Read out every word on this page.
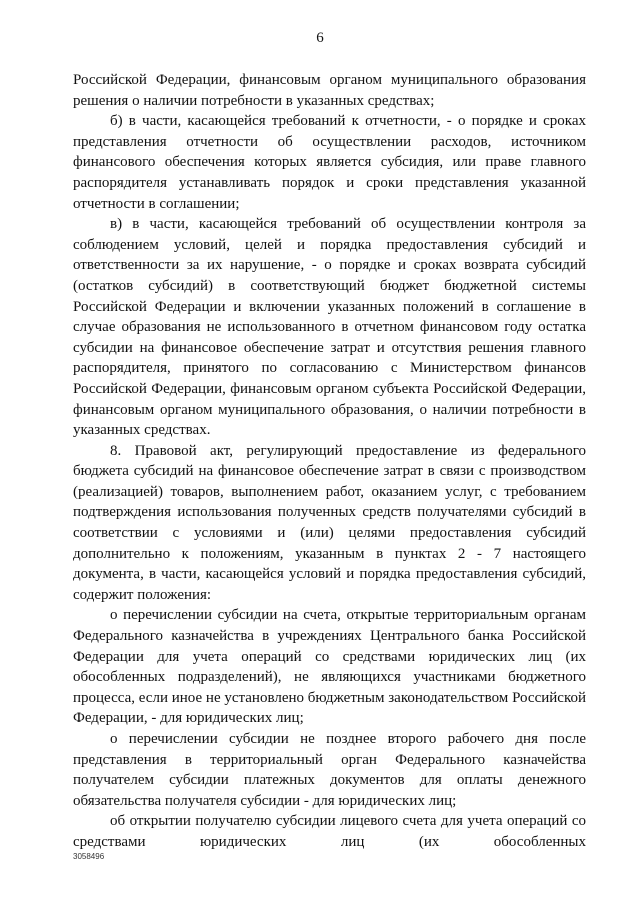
6

Российской Федерации, финансовым органом муниципального образования решения о наличии потребности в указанных средствах;

б) в части, касающейся требований к отчетности, - о порядке и сроках представления отчетности об осуществлении расходов, источником финансового обеспечения которых является субсидия, или праве главного распорядителя устанавливать порядок и сроки представления указанной отчетности в соглашении;

в) в части, касающейся требований об осуществлении контроля за соблюдением условий, целей и порядка предоставления субсидий и ответственности за их нарушение, - о порядке и сроках возврата субсидий (остатков субсидий) в соответствующий бюджет бюджетной системы Российской Федерации и включении указанных положений в соглашение в случае образования не использованного в отчетном финансовом году остатка субсидии на финансовое обеспечение затрат и отсутствия решения главного распорядителя, принятого по согласованию с Министерством финансов Российской Федерации, финансовым органом субъекта Российской Федерации, финансовым органом муниципального образования, о наличии потребности в указанных средствах.

8. Правовой акт, регулирующий предоставление из федерального бюджета субсидий на финансовое обеспечение затрат в связи с производством (реализацией) товаров, выполнением работ, оказанием услуг, с требованием подтверждения использования полученных средств получателями субсидий в соответствии с условиями и (или) целями предоставления субсидий дополнительно к положениям, указанным в пунктах 2 - 7 настоящего документа, в части, касающейся условий и порядка предоставления субсидий, содержит положения:

о перечислении субсидии на счета, открытые территориальным органам Федерального казначейства в учреждениях Центрального банка Российской Федерации для учета операций со средствами юридических лиц (их обособленных подразделений), не являющихся участниками бюджетного процесса, если иное не установлено бюджетным законодательством Российской Федерации, - для юридических лиц;

о перечислении субсидии не позднее второго рабочего дня после представления в территориальный орган Федерального казначейства получателем субсидии платежных документов для оплаты денежного обязательства получателя субсидии - для юридических лиц;

об открытии получателю субсидии лицевого счета для учета операций со средствами юридических лиц (их обособленных

3058496
